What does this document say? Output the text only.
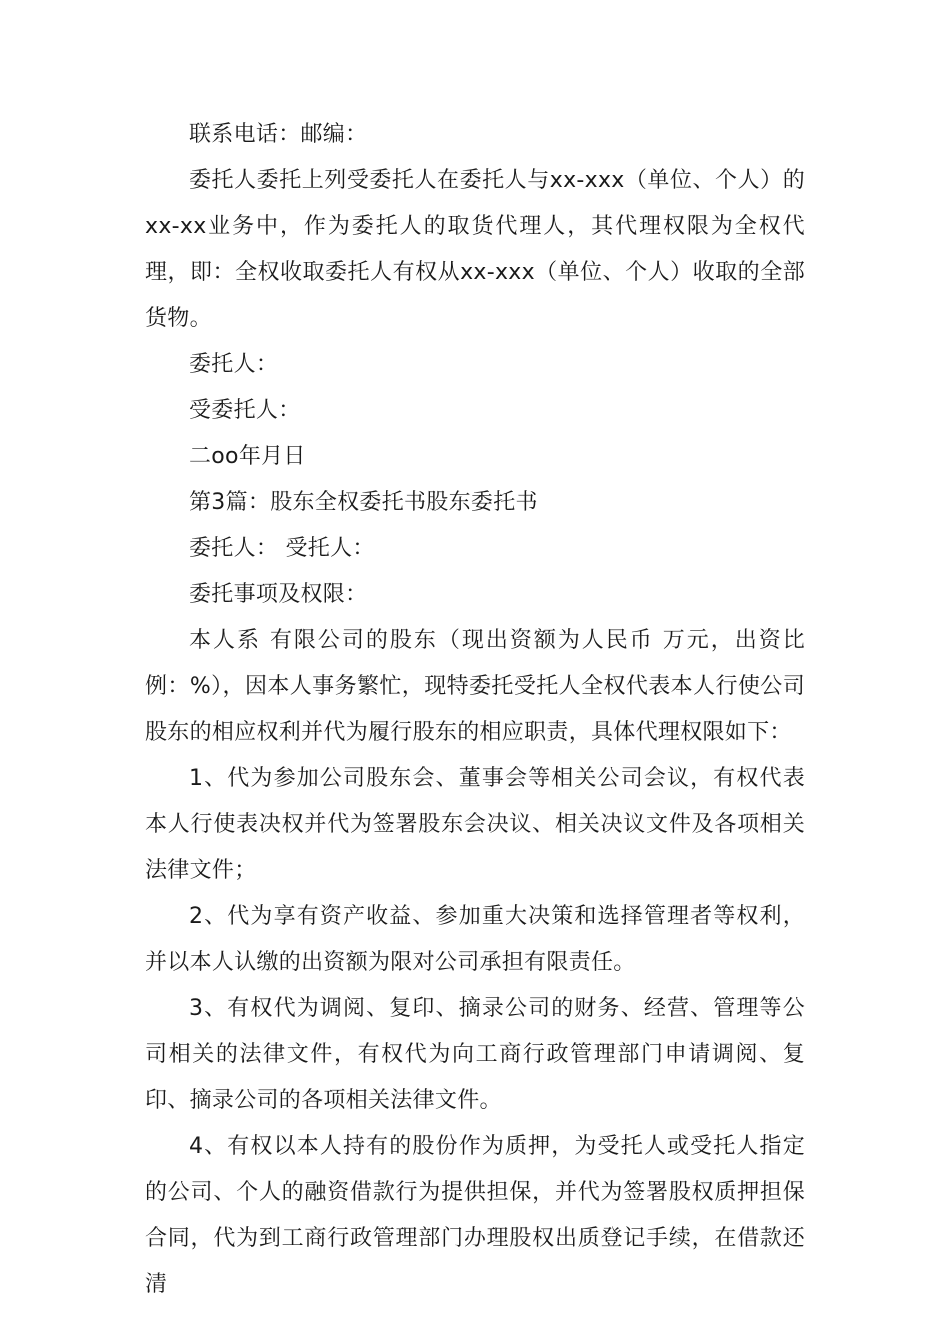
联系电话：邮编：

委托人委托上列受委托人在委托人与xx-xxx（单位、个人）的xx-xx业务中，作为委托人的取货代理人，其代理权限为全权代理，即：全权收取委托人有权从xx-xxx（单位、个人）收取的全部货物。

委托人：

受委托人：

二oo年月日

第3篇：股东全权委托书股东委托书

委托人： 受托人：

委托事项及权限：

本人系 有限公司的股东（现出资额为人民币 万元，出资比例：%），因本人事务繁忙，现特委托受托人全权代表本人行使公司股东的相应权利并代为履行股东的相应职责，具体代理权限如下：

1、代为参加公司股东会、董事会等相关公司会议，有权代表本人行使表决权并代为签署股东会决议、相关决议文件及各项相关法律文件；

2、代为享有资产收益、参加重大决策和选择管理者等权利，并以本人认缴的出资额为限对公司承担有限责任。

3、有权代为调阅、复印、摘录公司的财务、经营、管理等公司相关的法律文件，有权代为向工商行政管理部门申请调阅、复印、摘录公司的各项相关法律文件。

4、有权以本人持有的股份作为质押，为受托人或受托人指定的公司、个人的融资借款行为提供担保，并代为签署股权质押担保合同，代为到工商行政管理部门办理股权出质登记手续，在借款还清
